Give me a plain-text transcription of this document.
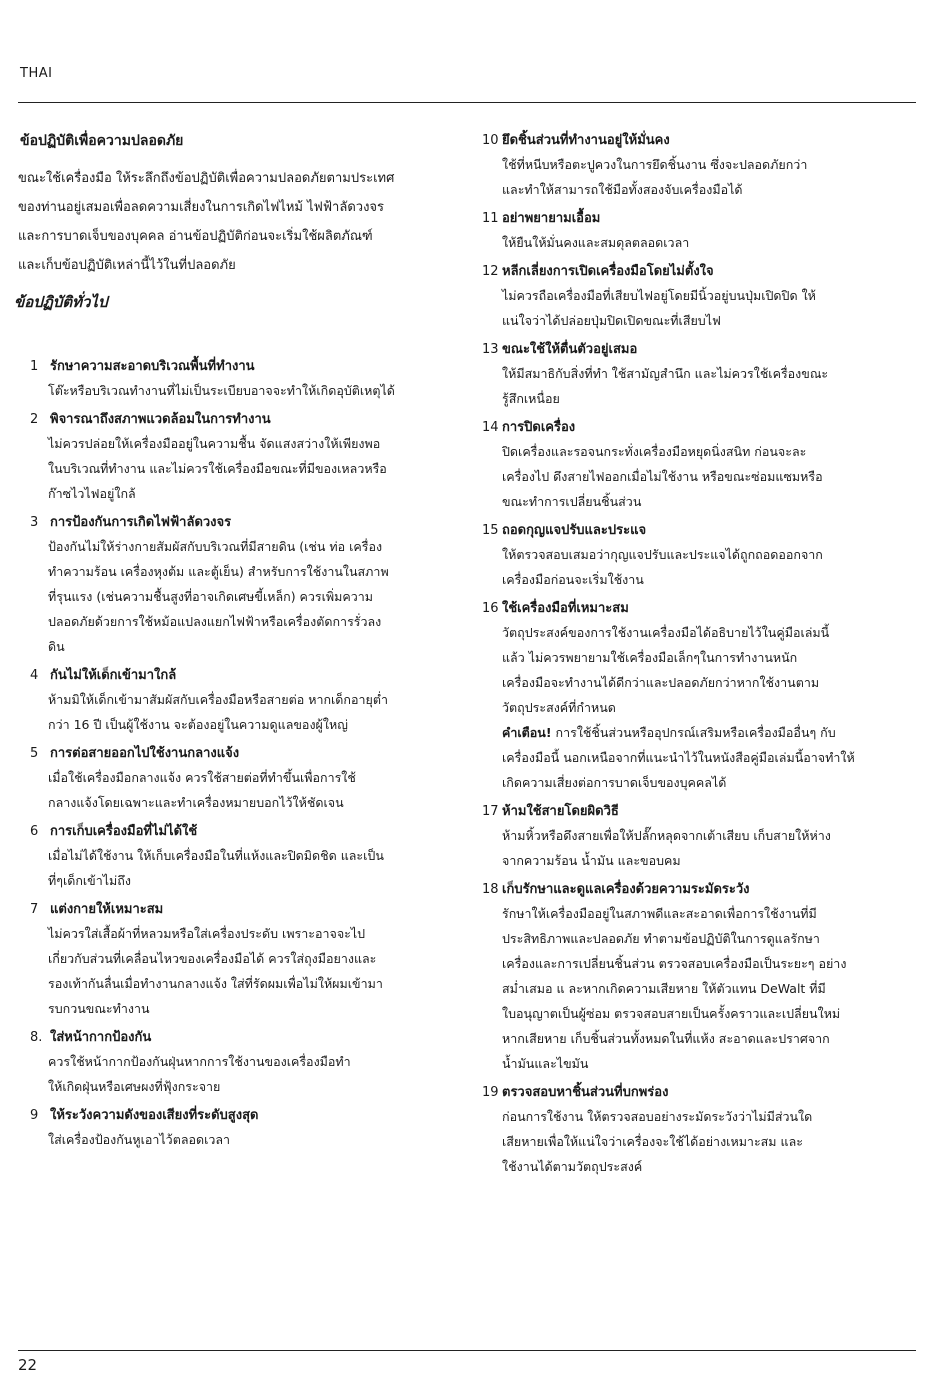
THAI
ข้อปฏิบัติเพื่อความปลอดภัย
ขณะใช้เครื่องมือ ให้ระลึกถึงข้อปฏิบัติเพื่อความปลอดภัยตามประเทศ
ของท่านอยู่เสมอเพื่อลดความเสี่ยงในการเกิดไฟไหม้ ไฟฟ้าลัดวงจร
และการบาดเจ็บของบุคคล อ่านข้อปฏิบัติก่อนจะเริ่มใช้ผลิตภัณฑ์
และเก็บข้อปฏิบัติเหล่านี้ไว้ในที่ปลอดภัย
ข้อปฏิบัติทั่วไป
1 รักษาความสะอาดบริเวณพื้นที่ทำงาน

โต๊ะหรือบริเวณทำงานที่ไม่เป็นระเบียบอาจจะทำให้เกิดอุบัติเหตุได้

2 พิจารณาถึงสภาพแวดล้อมในการทำงาน

ไม่ควรปล่อยให้เครื่องมืออยู่ในความชื้น จัดแสงสว่างให้เพียงพอ

ในบริเวณที่ทำงาน และไม่ควรใช้เครื่องมือขณะที่มีของเหลวหรือ

ก๊าซไวไฟอยู่ใกล้

3 การป้องกันการเกิดไฟฟ้าลัดวงจร

ป้องกันไม่ให้ร่างกายสัมผัสกับบริเวณที่มีสายดิน (เช่น ท่อ เครื่อง

ทำความร้อน เครื่องหุงต้ม และตู้เย็น) สำหรับการใช้งานในสภาพ

ที่รุนแรง (เช่นความชื้นสูงที่อาจเกิดเศษขี้เหล็ก) ควรเพิ่มความ

ปลอดภัยด้วยการใช้หม้อแปลงแยกไฟฟ้าหรือเครื่องตัดการรั่วลง

ดิน

4 กันไม่ให้เด็กเข้ามาใกล้

ห้ามมิให้เด็กเข้ามาสัมผัสกับเครื่องมือหรือสายต่อ หากเด็กอายุต่ำ

กว่า 16 ปี เป็นผู้ใช้งาน จะต้องอยู่ในความดูแลของผู้ใหญ่

5 การต่อสายออกไปใช้งานกลางแจ้ง

เมื่อใช้เครื่องมือกลางแจ้ง ควรใช้สายต่อที่ทำขึ้นเพื่อการใช้

กลางแจ้งโดยเฉพาะและทำเครื่องหมายบอกไว้ให้ชัดเจน

6 การเก็บเครื่องมือที่ไม่ได้ใช้

เมื่อไม่ได้ใช้งาน ให้เก็บเครื่องมือในที่แห้งและปิดมิดชิด และเป็น

ที่ๆเด็กเข้าไม่ถึง

7 แต่งกายให้เหมาะสม

ไม่ควรใส่เสื้อผ้าที่หลวมหรือใส่เครื่องประดับ เพราะอาจจะไป

เกี่ยวกับส่วนที่เคลื่อนไหวของเครื่องมือได้ ควรใส่ถุงมือยางและ

รองเท้ากันลื่นเมื่อทำงานกลางแจ้ง ใส่ที่รัดผมเพื่อไม่ให้ผมเข้ามา

รบกวนขณะทำงาน

8. ใส่หน้ากากป้องกัน

ควรใช้หน้ากากป้องกันฝุ่นหากการใช้งานของเครื่องมือทำ

ให้เกิดฝุ่นหรือเศษผงที่ฟุ้งกระจาย

9 ให้ระวังความดังของเสียงที่ระดับสูงสุด

ใส่เครื่องป้องกันหูเอาไว้ตลอดเวลา

10 ยึดชิ้นส่วนที่ทำงานอยู่ให้มั่นคง

ใช้ที่หนีบหรือตะปูควงในการยึดชิ้นงาน ซึ่งจะปลอดภัยกว่า

และทำให้สามารถใช้มือทั้งสองจับเครื่องมือได้

11 อย่าพยายามเอื้อม

ให้ยืนให้มั่นคงและสมดุลตลอดเวลา

12 หลีกเลี่ยงการเปิดเครื่องมือโดยไม่ตั้งใจ

ไม่ควรถือเครื่องมือที่เสียบไฟอยู่โดยมีนิ้วอยู่บนปุ่มเปิดปิด ให้

แน่ใจว่าได้ปล่อยปุ่มปิดเปิดขณะที่เสียบไฟ

13 ขณะใช้ให้ตื่นตัวอยู่เสมอ

ให้มีสมาธิกับสิ่งที่ทำ ใช้สามัญสำนึก และไม่ควรใช้เครื่องขณะ

รู้สึกเหนื่อย

14 การปิดเครื่อง

ปิดเครื่องและรอจนกระทั่งเครื่องมือหยุดนิ่งสนิท ก่อนจะละ

เครื่องไป ดึงสายไฟออกเมื่อไม่ใช้งาน หรือขณะซ่อมแซมหรือ

ขณะทำการเปลี่ยนชิ้นส่วน

15 ถอดกุญแจปรับและประแจ

ให้ตรวจสอบเสมอว่ากุญแจปรับและประแจได้ถูกถอดออกจาก

เครื่องมือก่อนจะเริ่มใช้งาน

16 ใช้เครื่องมือที่เหมาะสม

วัตถุประสงค์ของการใช้งานเครื่องมือได้อธิบายไว้ในคู่มือเล่มนี้

แล้ว ไม่ควรพยายามใช้เครื่องมือเล็กๆในการทำงานหนัก

เครื่องมือจะทำงานได้ดีกว่าและปลอดภัยกว่าหากใช้งานตาม

วัตถุประสงค์ที่กำหนด

คำเตือน! การใช้ชิ้นส่วนหรืออุปกรณ์เสริมหรือเครื่องมืออื่นๆ กับ

เครื่องมือนี้ นอกเหนือจากที่แนะนำไว้ในหนังสือคู่มือเล่มนี้อาจทำให้

เกิดความเสี่ยงต่อการบาดเจ็บของบุคคลได้

17 ห้ามใช้สายโดยผิดวิธี

ห้ามหิ้วหรือดึงสายเพื่อให้ปลั๊กหลุดจากเต้าเสียบ เก็บสายให้ห่าง

จากความร้อน น้ำมัน และขอบคม

18 เก็บรักษาและดูแลเครื่องด้วยความระมัดระวัง

รักษาให้เครื่องมืออยู่ในสภาพดีและสะอาดเพื่อการใช้งานที่มี

ประสิทธิภาพและปลอดภัย ทำตามข้อปฏิบัติในการดูแลรักษา

เครื่องและการเปลี่ยนชิ้นส่วน ตรวจสอบเครื่องมือเป็นระยะๆ อย่าง

สม่ำเสมอ แ ละหากเกิดความเสียหาย ให้ตัวแทน DeWalt ที่มี

ใบอนุญาตเป็นผู้ซ่อม ตรวจสอบสายเป็นครั้งคราวและเปลี่ยนใหม่

หากเสียหาย เก็บชิ้นส่วนทั้งหมดในที่แห้ง สะอาดและปราศจาก

น้ำมันและไขมัน

19 ตรวจสอบหาชิ้นส่วนที่บกพร่อง

ก่อนการใช้งาน ให้ตรวจสอบอย่างระมัดระวังว่าไม่มีส่วนใด

เสียหายเพื่อให้แน่ใจว่าเครื่องจะใช้ได้อย่างเหมาะสม และ

ใช้งานได้ตามวัตถุประสงค์

22
